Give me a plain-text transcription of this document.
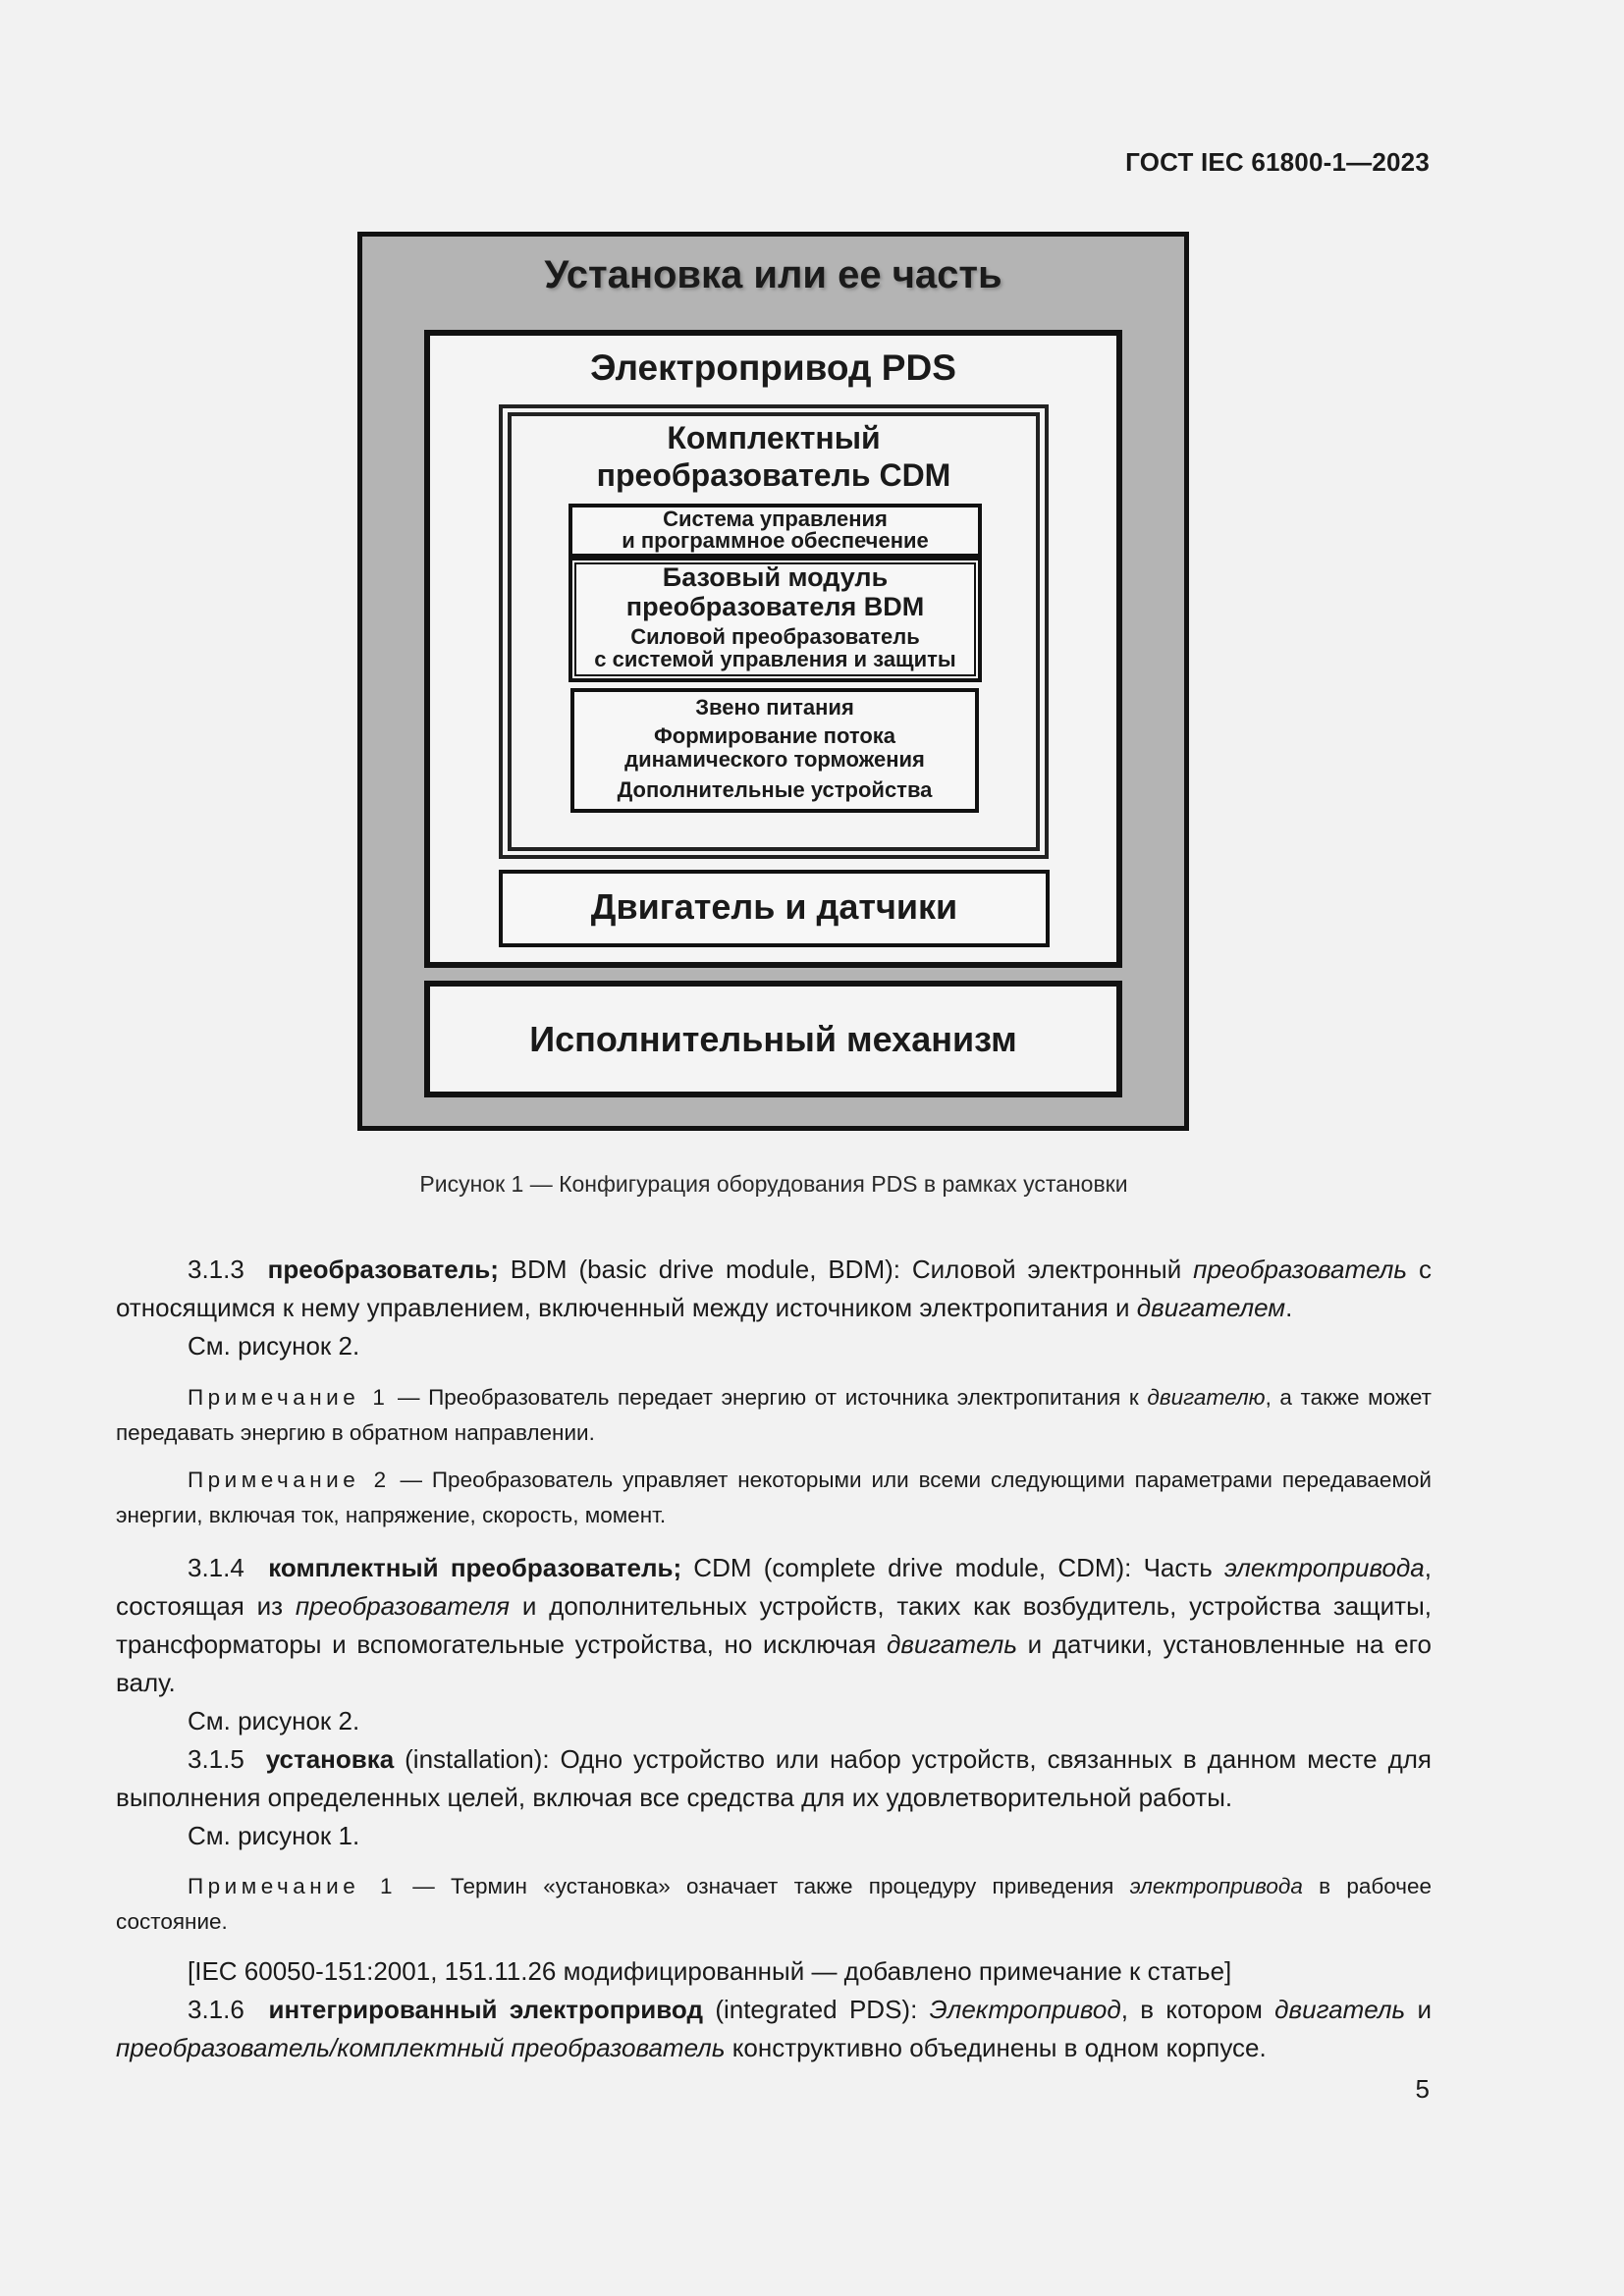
ГОСТ IEC 61800-1—2023
Установка или ее часть
Электропривод PDS
Комплектный
преобразователь CDM
Система управления
и программное обеспечение
Базовый модуль
преобразователя BDM
Силовой преобразователь
с системой управления и защиты
Звено питания
Формирование потока
динамического торможения
Дополнительные устройства
Двигатель и датчики
Исполнительный механизм
Рисунок 1 — Конфигурация оборудования PDS в рамках установки
3.1.3 преобразователь; BDM (basic drive module, BDM): Силовой электронный преобразователь с относящимся к нему управлением, включенный между источником электропитания и двигателем.
См. рисунок 2.
Примечание 1 — Преобразователь передает энергию от источника электропитания к двигателю, а также может передавать энергию в обратном направлении.
Примечание 2 — Преобразователь управляет некоторыми или всеми следующими параметрами передаваемой энергии, включая ток, напряжение, скорость, момент.
3.1.4 комплектный преобразователь; CDM (complete drive module, CDM): Часть электропривода, состоящая из преобразователя и дополнительных устройств, таких как возбудитель, устройства защиты, трансформаторы и вспомогательные устройства, но исключая двигатель и датчики, установленные на его валу.
См. рисунок 2.
3.1.5 установка (installation): Одно устройство или набор устройств, связанных в данном месте для выполнения определенных целей, включая все средства для их удовлетворительной работы.
См. рисунок 1.
Примечание 1 — Термин «установка» означает также процедуру приведения электропривода в рабочее состояние.
[IEC 60050-151:2001, 151.11.26 модифицированный — добавлено примечание к статье]
3.1.6 интегрированный электропривод (integrated PDS): Электропривод, в котором двигатель и преобразователь/комплектный преобразователь конструктивно объединены в одном корпусе.
5
